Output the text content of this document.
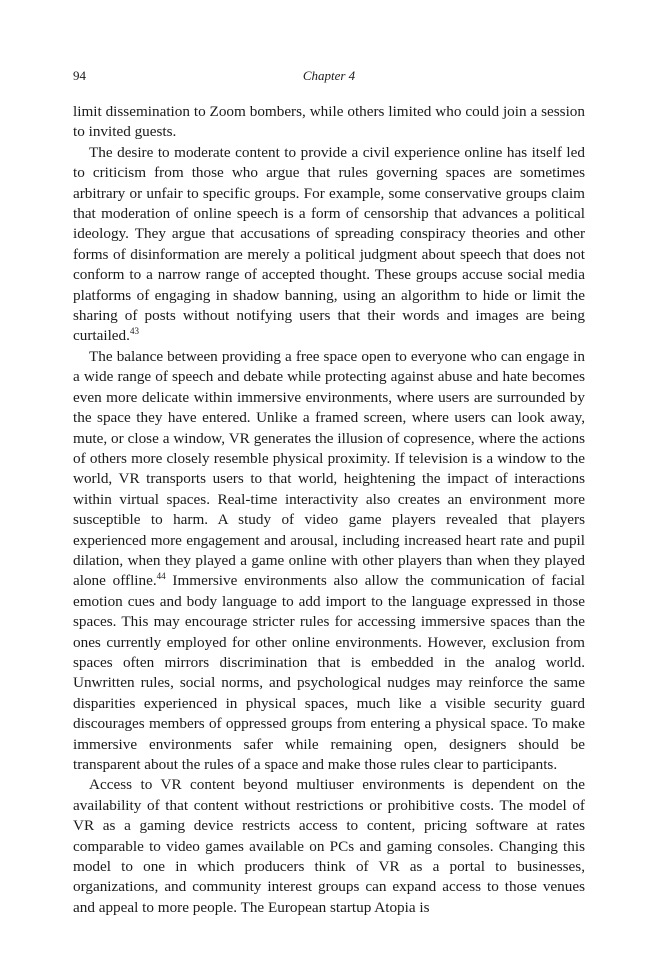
94	Chapter 4

limit dissemination to Zoom bombers, while others limited who could join a session to invited guests.

The desire to moderate content to provide a civil experience online has itself led to criticism from those who argue that rules governing spaces are sometimes arbitrary or unfair to specific groups. For example, some conservative groups claim that moderation of online speech is a form of censorship that advances a political ideology. They argue that accusations of spreading conspiracy theories and other forms of disinformation are merely a political judgment about speech that does not conform to a narrow range of accepted thought. These groups accuse social media platforms of engaging in shadow banning, using an algorithm to hide or limit the sharing of posts without notifying users that their words and images are being curtailed.$^{43}$

The balance between providing a free space open to everyone who can engage in a wide range of speech and debate while protecting against abuse and hate becomes even more delicate within immersive environments, where users are surrounded by the space they have entered. Unlike a framed screen, where users can look away, mute, or close a window, VR generates the illusion of copresence, where the actions of others more closely resemble physical proximity. If television is a window to the world, VR transports users to that world, heightening the impact of interactions within virtual spaces. Real-time interactivity also creates an environment more susceptible to harm. A study of video game players revealed that players experienced more engagement and arousal, including increased heart rate and pupil dilation, when they played a game online with other players than when they played alone offline.$^{44}$ Immersive environments also allow the communication of facial emotion cues and body language to add import to the language expressed in those spaces. This may encourage stricter rules for accessing immersive spaces than the ones currently employed for other online environments. However, exclusion from spaces often mirrors discrimination that is embedded in the analog world. Unwritten rules, social norms, and psychological nudges may reinforce the same disparities experienced in physical spaces, much like a visible security guard discourages members of oppressed groups from entering a physical space. To make immersive environments safer while remaining open, designers should be transparent about the rules of a space and make those rules clear to participants.

Access to VR content beyond multiuser environments is dependent on the availability of that content without restrictions or prohibitive costs. The model of VR as a gaming device restricts access to content, pricing software at rates comparable to video games available on PCs and gaming consoles. Changing this model to one in which producers think of VR as a portal to businesses, organizations, and community interest groups can expand access to those venues and appeal to more people. The European startup Atopia is
